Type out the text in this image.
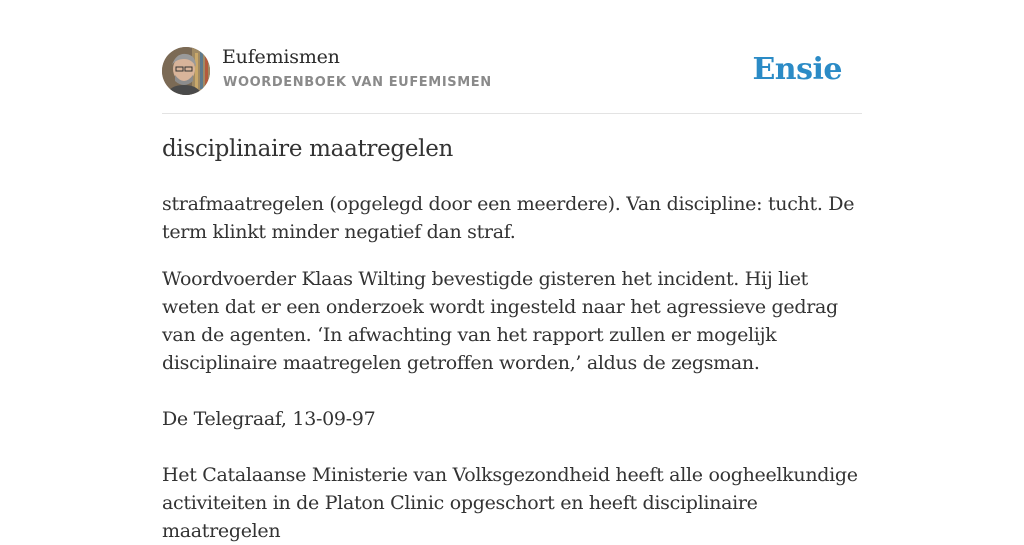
Eufemismen
WOORDENBOEK VAN EUFEMISMEN	Ensie
disciplinaire maatregelen

strafmaatregelen (opgelegd door een meerdere). Van discipline: tucht. De term klinkt minder negatief dan straf.

Woordvoerder Klaas Wilting bevestigde gisteren het incident. Hij liet weten dat er een onderzoek wordt ingesteld naar het agressieve gedrag van de agenten. ‘In afwachting van het rapport zullen er mogelijk disciplinaire maatregelen getroffen worden,’ aldus de zegsman.

De Telegraaf, 13-09-97

Het Catalaanse Ministerie van Volksgezondheid heeft alle oogheelkundige activiteiten in de Platon Clinic opgeschort en heeft disciplinaire maatregelen
